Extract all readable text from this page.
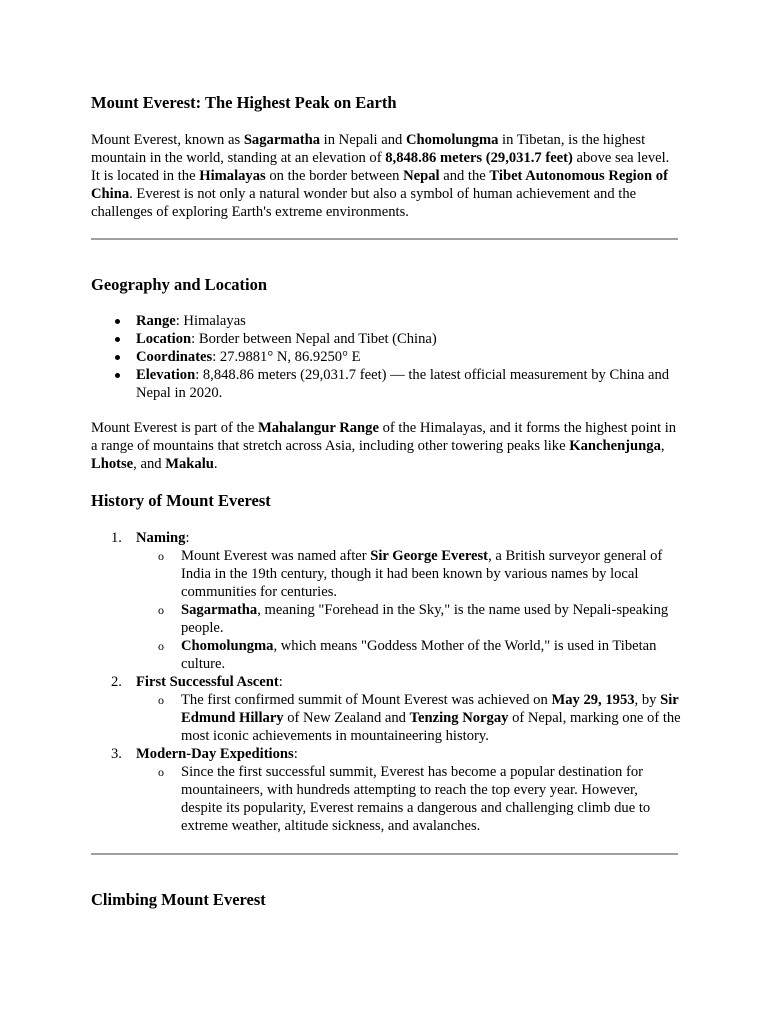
Mount Everest: The Highest Peak on Earth

Mount Everest, known as Sagarmatha in Nepali and Chomolungma in Tibetan, is the highest mountain in the world, standing at an elevation of 8,848.86 meters (29,031.7 feet) above sea level. It is located in the Himalayas on the border between Nepal and the Tibet Autonomous Region of China. Everest is not only a natural wonder but also a symbol of human achievement and the challenges of exploring Earth's extreme environments.

Geography and Location
Range: Himalayas
Location: Border between Nepal and Tibet (China)
Coordinates: 27.9881° N, 86.9250° E
Elevation: 8,848.86 meters (29,031.7 feet) — the latest official measurement by China and Nepal in 2020.

Mount Everest is part of the Mahalangur Range of the Himalayas, and it forms the highest point in a range of mountains that stretch across Asia, including other towering peaks like Kanchenjunga, Lhotse, and Makalu.

History of Mount Everest
1. Naming:
o Mount Everest was named after Sir George Everest, a British surveyor general of India in the 19th century, though it had been known by various names by local communities for centuries.
o Sagarmatha, meaning "Forehead in the Sky," is the name used by Nepali-speaking people.
o Chomolungma, which means "Goddess Mother of the World," is used in Tibetan culture.
2. First Successful Ascent:
o The first confirmed summit of Mount Everest was achieved on May 29, 1953, by Sir Edmund Hillary of New Zealand and Tenzing Norgay of Nepal, marking one of the most iconic achievements in mountaineering history.
3. Modern-Day Expeditions:
o Since the first successful summit, Everest has become a popular destination for mountaineers, with hundreds attempting to reach the top every year. However, despite its popularity, Everest remains a dangerous and challenging climb due to extreme weather, altitude sickness, and avalanches.
Climbing Mount Everest
